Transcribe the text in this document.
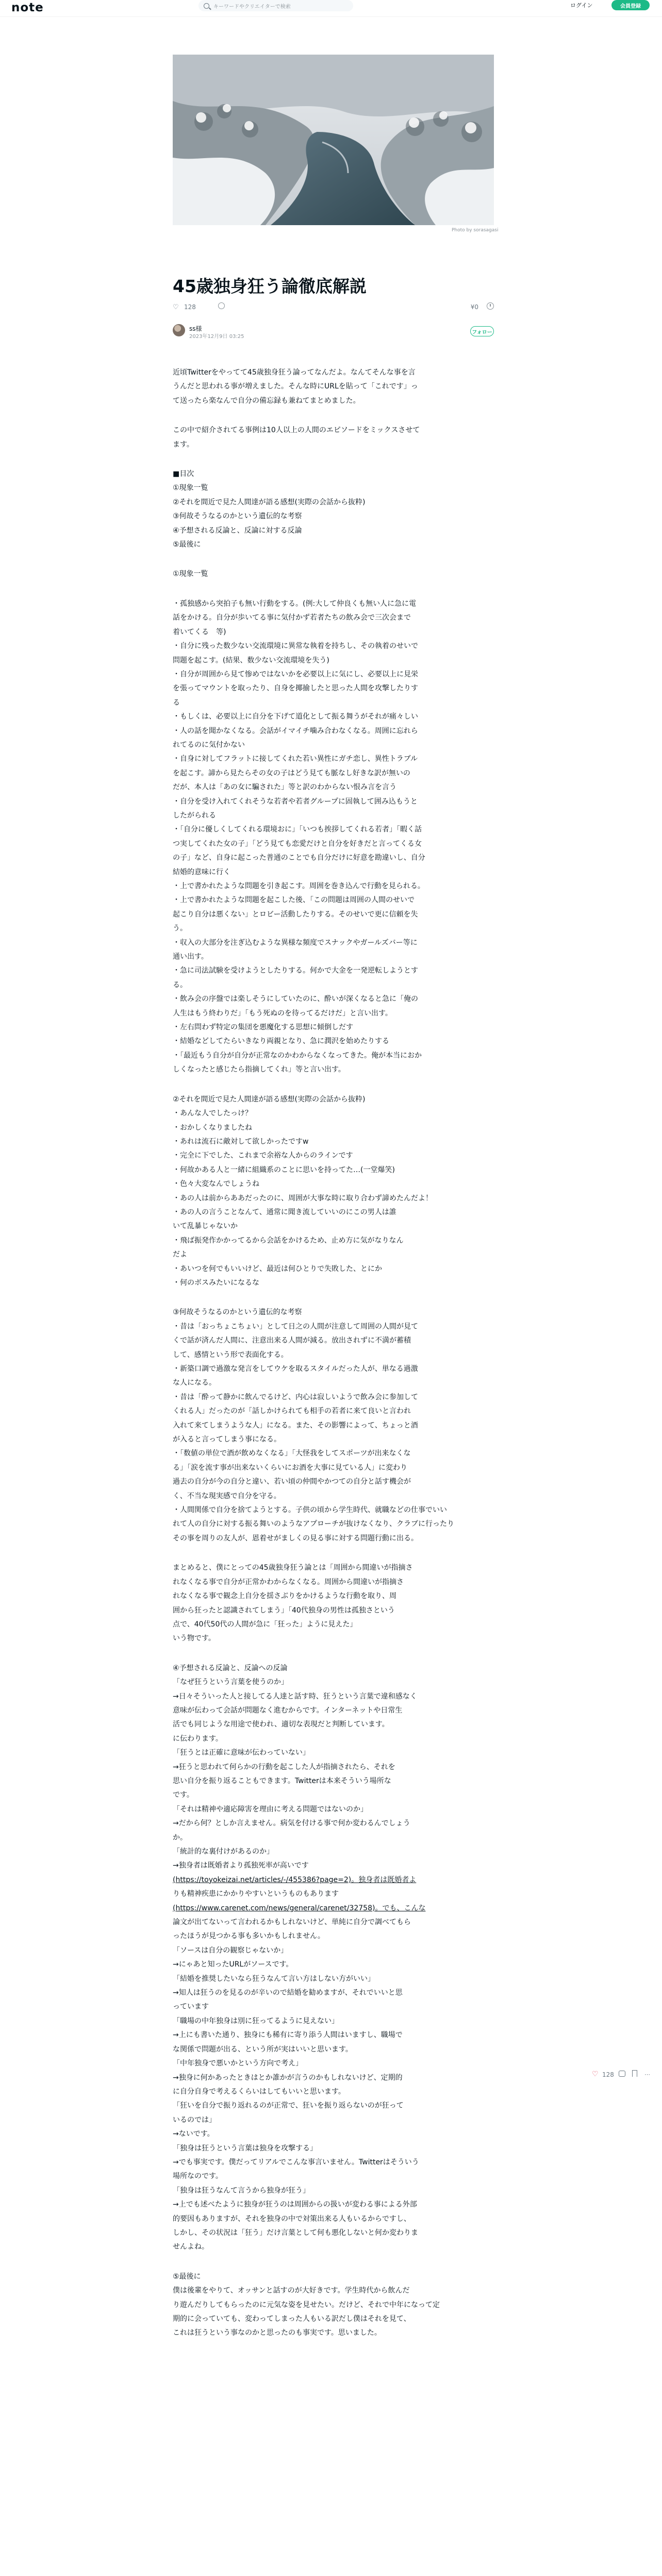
note	キーワードやクリエイターで検索	ログイン	会員登録
Photo by sorasagasi
45歳独身狂う論徹底解説
♡ 128	¥0
ss様
2023年12月9日 03:25
フォロー
近頃Twitterをやってて45歳独身狂う論ってなんだよ。なんてそんな事を言
うんだと思われる事が増えました。そんな時にURLを貼って「これです」っ
て送ったら楽なんで自分の備忘録も兼ねてまとめました。
この中で紹介されてる事例は10人以上の人間のエピソードをミックスさせて
ます。
■目次
①現象一覧
②それを間近で見た人間達が語る感想(実際の会話から抜粋)
③何故そうなるのかという遺伝的な考察
④予想される反論と、反論に対する反論
⑤最後に
①現象一覧
・孤独感から突拍子も無い行動をする。(例:大して仲良くも無い人に急に電
話をかける。自分が歩いてる事に気付かず若者たちの飲み会で三次会まで
着いてくる　等)
・自分に残った数少ない交流環境に異常な執着を持ちし、その執着のせいで
問題を起こす。(結果、数少ない交流環境を失う)
・自分が周囲から見て惨めではないかを必要以上に気にし、必要以上に見栄
を張ってマウントを取ったり、自身を揶揄したと思った人間を攻撃したりす
る
・もしくは、必要以上に自分を下げて道化として振る舞うがそれが痛々しい
・人の話を聞かなくなる。会話がイマイチ噛み合わなくなる。周囲に忘れら
れてるのに気付かない
・自身に対してフラットに接してくれた若い異性にガチ恋し、異性トラブル
を起こす。諦から見たらその女の子はどう見ても脈なし好きな訳が無いの
だが、本人は「あの女に騙された」等と訳のわからない恨み言を言う
・自分を受け入れてくれそうな若者や若者グループに固執して囲み込もうと
したがられる
・「自分に優しくしてくれる環境おに」「いつも挨拶してくれる若者」「暇く話
つ実してくれた女の子」「どう見ても恋愛だけと自分を好きだと言ってくる女
の子」など、自身に起こった普通のことでも自分だけに好意を勘違いし、自分
結婚的意味に行く
・上で書かれたような問題を引き起こす。周囲を巻き込んで行動を見られる。
・上で書かれたような問題を起こした後、「この問題は周囲の人間のせいで
起こり自分は悪くない」とロビー活動したりする。そのせいで更に信頼を失
う。
・収入の大部分を注ぎ込むような異様な頻度でスナックやガールズバー等に
通い出す。
・急に司法試験を受けようとしたりする。何かで大金を一発逆転しようとす
る。
・飲み会の序盤では楽しそうにしていたのに、酔いが深くなると急に「俺の
人生はもう終わりだ」「もう死ぬのを待ってるだけだ」と言い出す。
・左右問わず特定の集団を悪魔化する思想に傾倒しだす
・結婚などしてたらいきなり両親となり、急に潤沢を始めたりする
・「最近もう自分が自分が正常なのかわからなくなってきた。俺が本当におか
しくなったと感じたら指摘してくれ」等と言い出す。
②それを間近で見た人間達が語る感想(実際の会話から抜粋)
・あんな人でしたっけ？
・おかしくなりましたね
・あれは流石に敵対して欲しかったですw
・完全に下でした、これまで余裕な人からのラインです
・何故かある人と一緒に組織系のことに思いを持ってた…(一堂爆笑)
・色々大変なんでしょうね
・あの人は前からああだったのに、周囲が大事な時に取り合わず諦めたんだよ！
・あの人の言うことなんて、通常に聞き流していいのにこの男人は誰
いて乱暴じゃないか
・飛ば振発作かかってるから会話をかけるため、止め方に気がなりなん
だよ
・あいつを何でもいいけど、最近は何ひとりで失敗した、とにか
・何のボスみたいになるな
③何故そうなるのかという遺伝的な考察
・昔は「おっちょこちょい」として日之の人間が注意して周囲の人間が見て
くで話が済んだ人間に、注意出来る人間が減る。放出されずに不満が蓄積
して、感情という形で表面化する。
・新築口調で過激な発言をしてウケを取るスタイルだった人が、単なる過激
な人になる。
・昔は「酔って静かに飲んでるけど、内心は寂しいようで飲み会に参加して
くれる人」だったのが「話しかけられても相手の若者に来て良いと言われ
入れて来てしまうような人」になる。また、その影響によって、ちょっと酒
が入ると言ってしまう事になる。
・「数値の単位で酒が飲めなくなる」「大怪我をしてスポーツが出来なくな
る」「涙を流す事が出来ないくらいにお酒を大事に見ている人」に変わり
過去の自分が今の自分と違い、若い頃の仲間やかつての自分と話す機会が
く、不当な現実感で自分を守る。
・人間関係で自分を捨てようとする。子供の頃から学生時代、就職などの仕事でいい
れて人の自分に対する振る舞いのようなアプローチが抜けなくなり、クラブに行ったり
その事を周りの友人が、恩着せがましくの見る事に対する問題行動に出る。
まとめると、僕にとっての45歳独身狂う論とは「周囲から間違いが指摘さ
れなくなる事で自分が正常かわからなくなる。周囲から間違いが指摘さ
れなくなる事で観念上自分を揺さぶりをかけるような行動を取り、周
囲から狂ったと認識されてしまう」「40代独身の男性は孤独さという
点で、40代50代の人間が急に「狂った」ように見えた」
いう物です。
④予想される反論と、反論への反論
「なぜ狂うという言葉を使うのか」
→日々そういった人と接してる人達と話す時、狂うという言葉で違和感なく
意味が伝わって会話が問題なく進むからです。インターネットや日常生
活でも同じような用途で使われ、適切な表現だと判断しています。
に伝わります。
「狂うとは正確に意味が伝わっていない」
→狂うと思われて何らかの行動を起こした人が指摘されたら、それを
思い自分を振り返ることもできます。Twitterは本来そういう場所な
です。
「それは精神や適応障害を理由に考える問題ではないのか」
→だから何？としか言えません。病気を付ける事で何か変わるんでしょう
か。
「統計的な裏付けがあるのか」
→独身者は既婚者より孤独死率が高いです
(https://toyokeizai.net/articles/-/455386?page=2)。独身者は既婚者よ
りも精神疾患にかかりやすいというものもあります
(https://www.carenet.com/news/general/carenet/32758)。でも、こんな
論文が出てないって言われるかもしれないけど、単純に自分で調べてもら
ったほうが見つかる事も多いかもしれません。
「ソースは自分の観察じゃないか」
→にゃあと知ったURLがソースです。
「結婚を推奨したいなら狂うなんて言い方はしない方がいい」
→知人は狂うのを見るのが辛いので結婚を勧めますが、それでいいと思
っています
「職場の中年独身は別に狂ってるように見えない」
→上にも書いた通り、独身にも稀有に寄り添う人間はいますし、職場で
な関係で問題が出る、という所が実はいいと思います。
「中年独身で悪いかという方向で考え」
→独身に何かあったときはとか誰かが言うのかもしれないけど、定期的
に自分自身で考えるくらいはしてもいいと思います。
「狂いを自分で振り返れるのが正常で、狂いを振り返らないのが狂って
いるのでは」
→ないです。
「独身は狂うという言葉は独身を攻撃する」
→でも事実です。僕だってリアルでこんな事言いません。Twitterはそういう
場所なのです。
「独身は狂うなんて言うから独身が狂う」
→上でも述べたように独身が狂うのは周囲からの扱いが変わる事による外部
的要因もありますが、それを独身の中で対策出来る人もいるからですし、
しかし、その状況は「狂う」だけ言葉として何も悪化しないと何か変わりま
せんよね。
⑤最後に
僕は後輩をやりて、オッサンと話すのが大好きです。学生時代から飲んだ
り遊んだりしてもらったのに元気な姿を見せたい。だけど、それで中年になって定
期的に会っていても、変わってしまった人もいる訳だし僕はそれを見て、
これは狂うという事なのかと思ったのも事実です。思いました。
♡ 128	⋯
